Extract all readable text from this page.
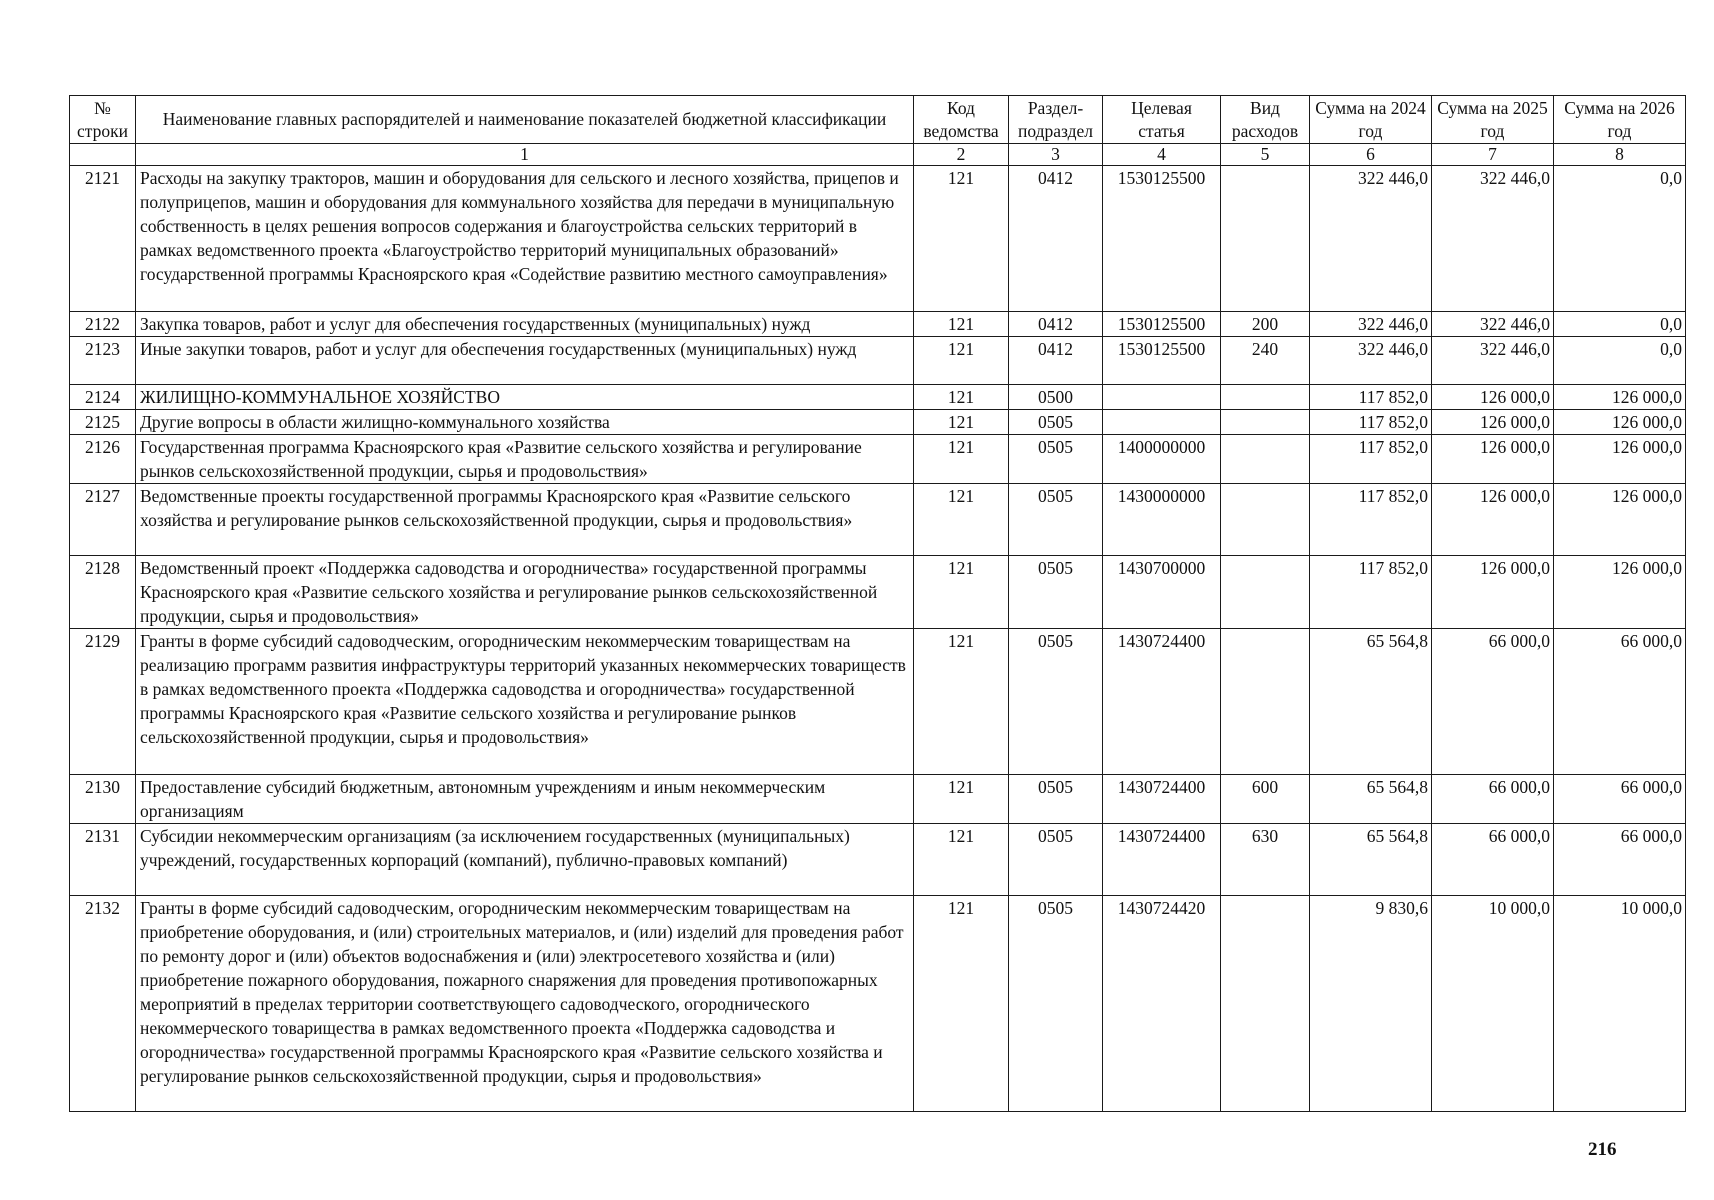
№ строки	Наименование главных распорядителей и наименование показателей бюджетной классификации	Код ведомства	Раздел-подраздел	Целевая статья	Вид расходов	Сумма на 2024 год	Сумма на 2025 год	Сумма на 2026 год
	1	2	3	4	5	6	7	8
2121	Расходы на закупку тракторов, машин и оборудования для сельского и лесного хозяйства, прицепов и полуприцепов, машин и оборудования для коммунального хозяйства для передачи в муниципальную собственность в целях решения вопросов содержания и благоустройства сельских территорий в рамках ведомственного проекта «Благоустройство территорий муниципальных образований» государственной программы Красноярского края «Содействие развитию местного самоуправления»	121	0412	1530125500		322 446,0	322 446,0	0,0
2122	Закупка товаров, работ и услуг для обеспечения государственных (муниципальных) нужд	121	0412	1530125500	200	322 446,0	322 446,0	0,0
2123	Иные закупки товаров, работ и услуг для обеспечения государственных (муниципальных) нужд	121	0412	1530125500	240	322 446,0	322 446,0	0,0
2124	ЖИЛИЩНО-КОММУНАЛЬНОЕ ХОЗЯЙСТВО	121	0500			117 852,0	126 000,0	126 000,0
2125	Другие вопросы в области жилищно-коммунального хозяйства	121	0505			117 852,0	126 000,0	126 000,0
2126	Государственная программа Красноярского края «Развитие сельского хозяйства и регулирование рынков сельскохозяйственной продукции, сырья и продовольствия»	121	0505	1400000000		117 852,0	126 000,0	126 000,0
2127	Ведомственные проекты государственной программы Красноярского края «Развитие сельского хозяйства и регулирование рынков сельскохозяйственной продукции, сырья и продовольствия»	121	0505	1430000000		117 852,0	126 000,0	126 000,0
2128	Ведомственный проект «Поддержка садоводства и огородничества» государственной программы Красноярского края «Развитие сельского хозяйства и регулирование рынков сельскохозяйственной продукции, сырья и продовольствия»	121	0505	1430700000		117 852,0	126 000,0	126 000,0
2129	Гранты в форме субсидий садоводческим, огородническим некоммерческим товариществам на реализацию программ развития инфраструктуры территорий указанных некоммерческих товариществ в рамках ведомственного проекта «Поддержка садоводства и огородничества» государственной программы Красноярского края «Развитие сельского хозяйства и регулирование рынков сельскохозяйственной продукции, сырья и продовольствия»	121	0505	1430724400		65 564,8	66 000,0	66 000,0
2130	Предоставление субсидий бюджетным, автономным учреждениям и иным некоммерческим организациям	121	0505	1430724400	600	65 564,8	66 000,0	66 000,0
2131	Субсидии некоммерческим организациям (за исключением государственных (муниципальных) учреждений, государственных корпораций (компаний), публично-правовых компаний)	121	0505	1430724400	630	65 564,8	66 000,0	66 000,0
2132	Гранты в форме субсидий садоводческим, огородническим некоммерческим товариществам на приобретение оборудования, и (или) строительных материалов, и (или) изделий для проведения работ по ремонту дорог и (или) объектов водоснабжения и (или) электросетевого хозяйства и (или) приобретение пожарного оборудования, пожарного снаряжения для проведения противопожарных мероприятий в пределах территории соответствующего садоводческого, огороднического некоммерческого товарищества в рамках ведомственного проекта «Поддержка садоводства и огородничества» государственной программы Красноярского края «Развитие сельского хозяйства и регулирование рынков сельскохозяйственной продукции, сырья и продовольствия»	121	0505	1430724420		9 830,6	10 000,0	10 000,0
216
